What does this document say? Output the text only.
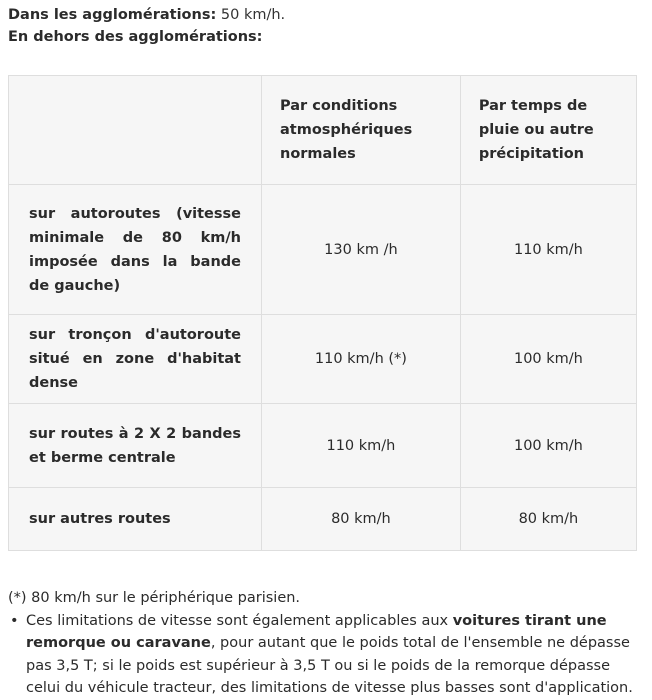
Dans les agglomérations: 50 km/h.
En dehors des agglomérations:
	Par conditions atmosphériques normales	Par temps de pluie ou autre précipitation
sur autoroutes (vitesse minimale de 80 km/h imposée dans la bande de gauche)	130 km /h	110 km/h
sur tronçon d'autoroute situé en zone d'habitat dense	110 km/h (*)	100 km/h
sur routes à 2 X 2 bandes et berme centrale	110 km/h	100 km/h
sur autres routes	80 km/h	80 km/h

(*) 80 km/h sur le périphérique parisien.

• Ces limitations de vitesse sont également applicables aux voitures tirant une remorque ou caravane, pour autant que le poids total de l'ensemble ne dépasse pas 3,5 T; si le poids est supérieur à 3,5 T ou si le poids de la remorque dépasse celui du véhicule tracteur, des limitations de vitesse plus basses sont d'application.
